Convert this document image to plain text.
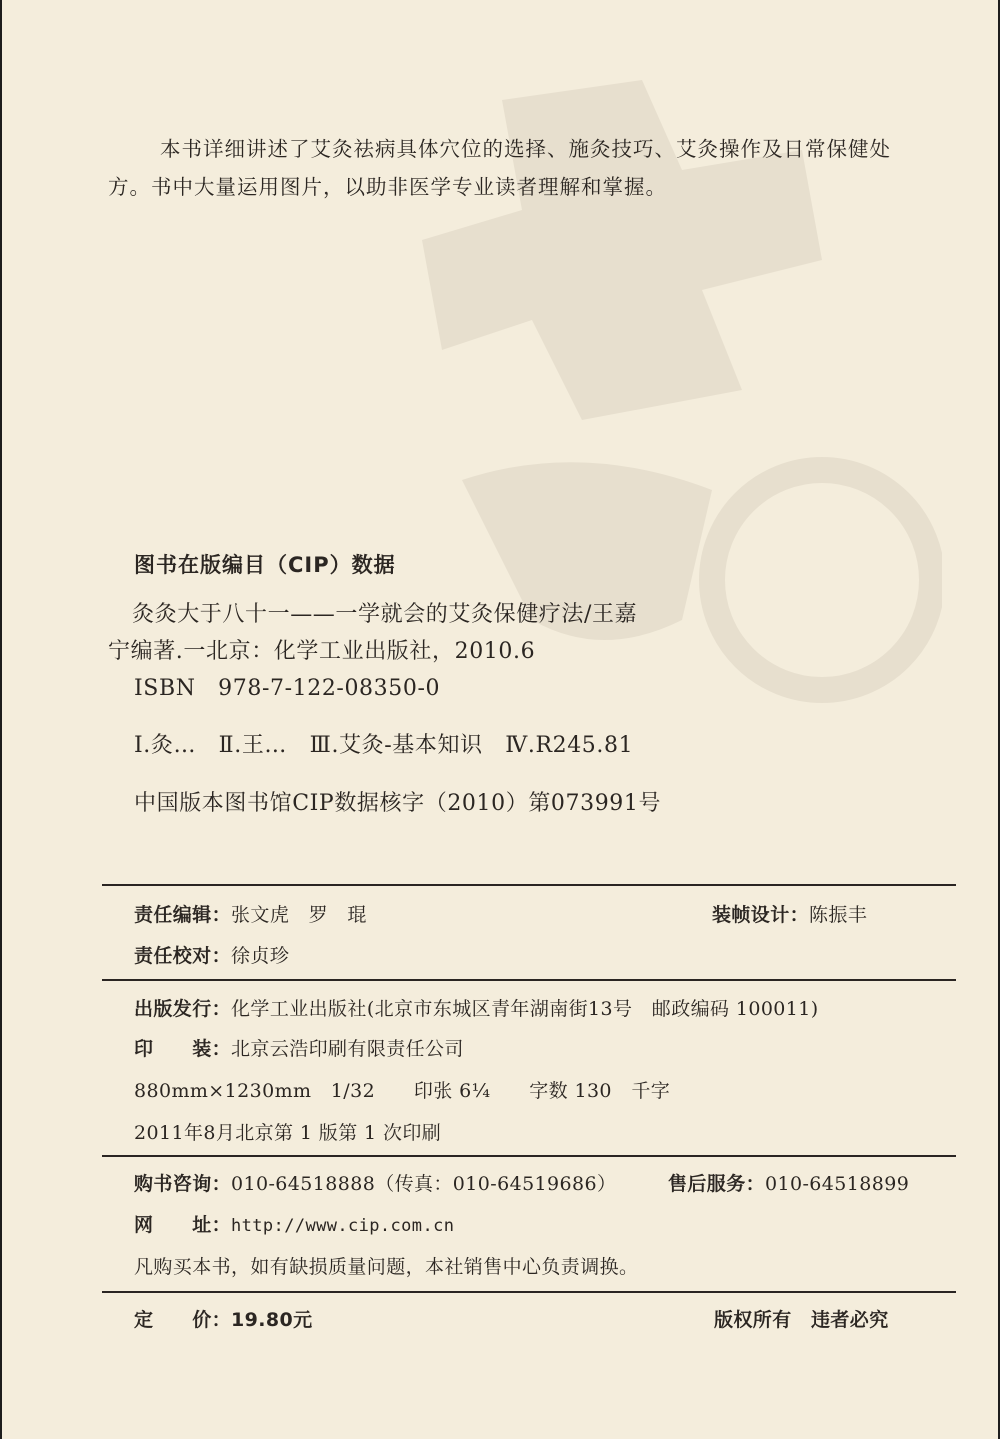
本书详细讲述了艾灸祛病具体穴位的选择、施灸技巧、艾灸操作及日常保健处方。书中大量运用图片，以助非医学专业读者理解和掌握。

图书在版编目（CIP）数据

灸灸大于八十一——一学就会的艾灸保健疗法/王嘉

宁编著.一北京：化学工业出版社，2010.6

ISBN　978-7-122-08350-0

Ⅰ.灸…　Ⅱ.王…　Ⅲ.艾灸-基本知识　Ⅳ.R245.81

中国版本图书馆CIP数据核字（2010）第073991号

责任编辑：张文虎　罗　琨	装帧设计：陈振丰

责任校对：徐贞珍

出版发行：化学工业出版社(北京市东城区青年湖南街13号　邮政编码 100011)

印　　装：北京云浩印刷有限责任公司

880mm×1230mm　1/32　　印张 6¼　　字数 130　千字

2011年8月北京第 1 版第 1 次印刷

购书咨询：010-64518888（传真：010-64519686）	售后服务：010-64518899

网　　址：http://www.cip.com.cn

凡购买本书，如有缺损质量问题，本社销售中心负责调换。

定　　价：19.80元	版权所有　违者必究
